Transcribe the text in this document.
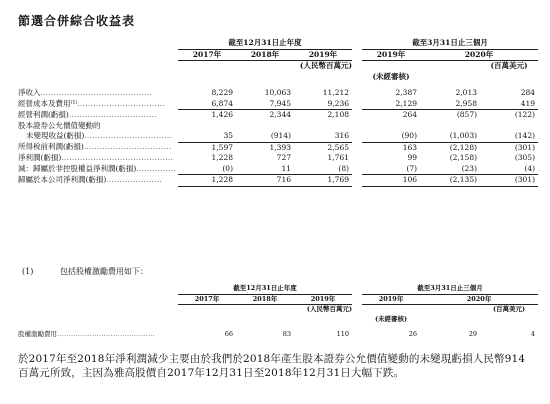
節選合併綜合收益表
	截至12月31日止年度				截至3月31日止三個月		
	2017年	2018年	2019年		2019年	2020年	
	(人民幣百萬元)						(百萬美元)
					(未經審核)		

淨收入……………………………………	8,229	10,063	11,212		2,387	2,013	284
經營成本及費用⁽¹⁾……………………………	6,874	7,945	9,236		2,129	2,958	419
經營利潤(虧損)……………………………	1,426	2,344	2,108		264	(857)	(122)
股本證券公允價值變動的							
未變現收益(虧損)……………………………	35	(914)	316		(90)	(1,003)	(142)
所得稅前利潤(虧損)……………………………	1,597	1,393	2,565		163	(2,128)	(301)
淨利潤(虧損)……………………………………	1,228	727	1,761		99	(2,158)	(305)
減：歸屬於非控股權益淨利潤(虧損)……………	(0)	11	(8)		(7)	(23)	(4)
歸屬於本公司淨利潤(虧損)…………………	1,228	716	1,769		106	(2,135)	(301)
(1)	包括股權激勵費用如下：
	截至12月31日止年度				截至3月31日止三個月		
	2017年	2018年	2019年		2019年	2020年	
	(人民幣百萬元)						(百萬美元)
					(未經審核)		

股權激勵費用……………………………………	66	83	110		26	29	4
於2017年至2018年淨利潤減少主要由於我們於2018年產生股本證券公允價值變動的未變現虧損人民幣914百萬元所致，主因為雅高股價自2017年12月31日至2018年12月31日大幅下跌。
